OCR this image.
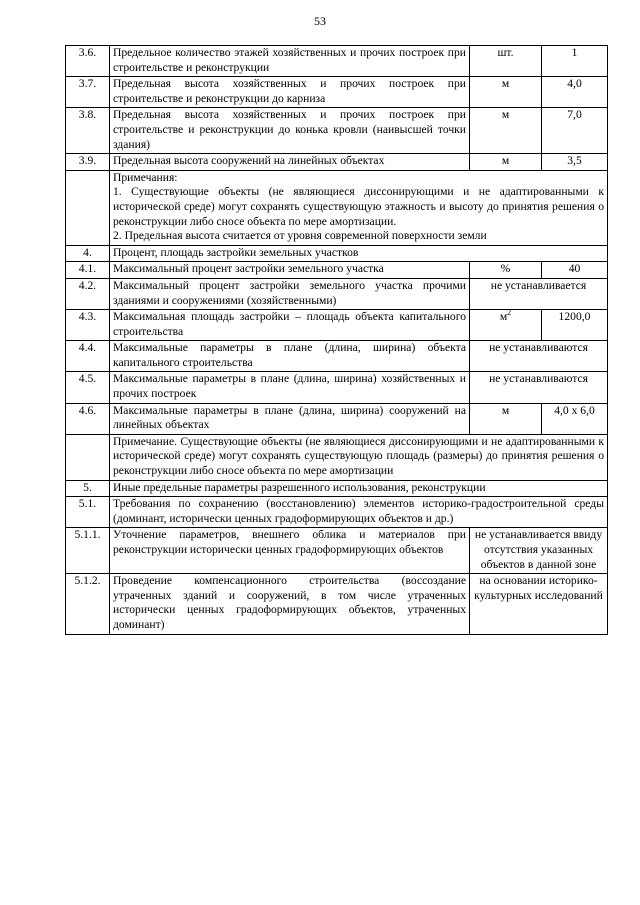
53
3.6.	Предельное количество этажей хозяйственных и прочих построек при строительстве и реконструкции	шт.	1
3.7.	Предельная высота хозяйственных и прочих построек при строительстве и реконструкции до карниза	м	4,0
3.8.	Предельная высота хозяйственных и прочих построек при строительстве и реконструкции до конька кровли (наивысшей точки здания)	м	7,0
3.9.	Предельная высота сооружений на линейных объектах	м	3,5

	Примечания:
1. Существующие объекты (не являющиеся диссонирующими и не адаптированными к исторической среде) могут сохранять существующую этажность и высоту до принятия решения о реконструкции либо сносе объекта по мере амортизации.
2. Предельная высота считается от уровня современной поверхности земли		

4.	Процент, площадь застройки земельных участков		
4.1.	Максимальный процент застройки земельного участка	%	40
4.2.	Максимальный процент застройки земельного участка прочими зданиями и сооружениями (хозяйственными)	не устанавливается	
4.3.	Максимальная площадь застройки – площадь объекта капитального строительства	$м^2$	1200,0
4.4.	Максимальные параметры в плане (длина, ширина) объекта капитального строительства	не устанавливаются	
4.5.	Максимальные параметры в плане (длина, ширина) хозяйственных и прочих построек	не устанавливаются	
4.6.	Максимальные параметры в плане (длина, ширина) сооружений на линейных объектах	м	4,0 х 6,0

	Примечание. Существующие объекты (не являющиеся диссонирующими и не адаптированными к исторической среде) могут сохранять существующую площадь (размеры) до принятия решения о реконструкции либо сносе объекта по мере амортизации		

5.	Иные предельные параметры разрешенного использования, реконструкции		
5.1.	Требования по сохранению (восстановлению) элементов историко-градостроительной среды (доминант, исторически ценных градоформирующих объектов и др.)		
5.1.1.	Уточнение параметров, внешнего облика и материалов при реконструкции исторически ценных градоформирующих объектов	не устанавливается ввиду отсутствия указанных объектов в данной зоне	
5.1.2.	Проведение компенсационного строительства (воссоздание утраченных зданий и сооружений, в том числе утраченных исторически ценных градоформирующих объектов, утраченных доминант)	на основании историко-культурных исследований	
